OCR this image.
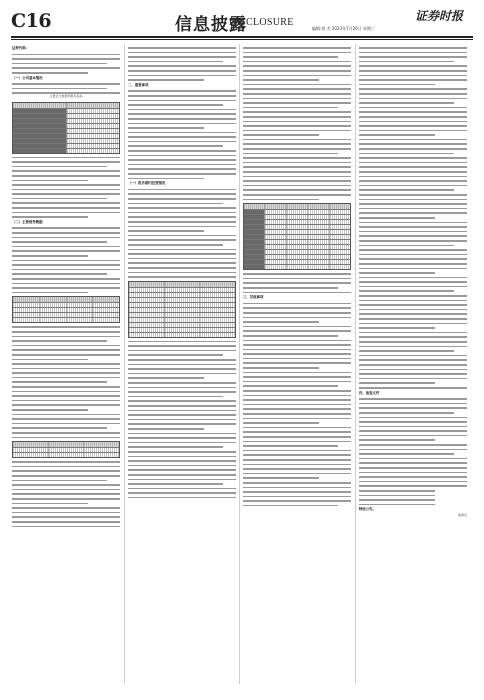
C16	信息披露
DISCLOSURE	证券时报
编辑:胡 杰 2023年7月26日 星期三
证券代码:
（一）公司基本情况

主要会计数据和财务指标

（二）主要财务数据
二、重要事项
（一）报告期内经营情况
三、其他事项
四、备查文件
特此公告。

董事会
